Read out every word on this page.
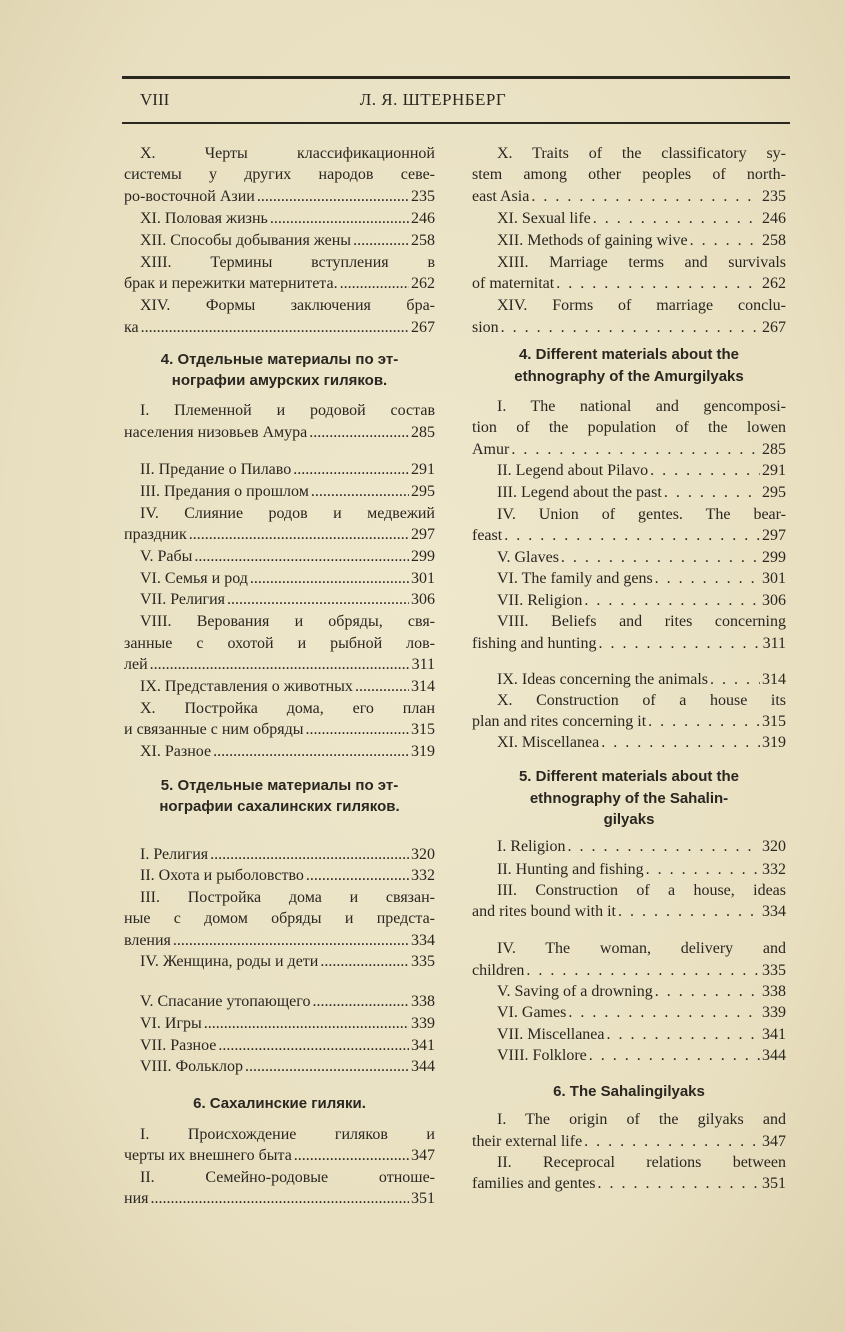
VIII	Л. Я. ШТЕРНБЕРГ
X. Черты классификационной
системы у других народов севе-
ро-восточной Азии .....	235
XI. Половая жизнь .....	246
XII. Способы добывания жены .....	258
XIII. Термины вступления в
брак и пережитки матернитета. .....	262
XIV. Формы заключения бра-
ка .....	267
4. Отдельные материалы по эт-
нографии амурских гиляков.
I. Племенной и родовой состав
населения низовьев Амура .....	285
II. Предание о Пилаво .....	291
III. Предания о прошлом .....	295
IV. Слияние родов и медвежий
праздник .....	297
V. Рабы .....	299
VI. Семья и род .....	301
VII. Религия .....	306
VIII. Верования и обряды, свя-
занные с охотой и рыбной лов-
лей .....	311
IX. Представления о животных .....	314
X. Постройка дома, его план
и связанные с ним обряды .....	315
XI. Разное .....	319
5. Отдельные материалы по эт-
нографии сахалинских гиляков.
I. Религия .....	320
II. Охота и рыболовство .....	332
III. Постройка дома и связан-
ные с домом обряды и предста-
вления .....	334
IV. Женщина, роды и дети .....	335
V. Спасание утопающего .....	338
VI. Игры .....	339
VII. Разное .....	341
VIII. Фольклор .....	344
6. Сахалинские гиляки.
I. Происхождение гиляков и
черты их внешнего быта .....	347
II. Семейно-родовые отноше-
ния .....	351
X. Traits of the classificatory sy-
stem among other peoples of north-
east Asia . . .	235
XI. Sexual life . . .	246
XII. Methods of gaining wive . . .	258
XIII. Marriage terms and survivals
of maternitat . . .	262
XIV. Forms of marriage conclu-
sion . . .	267
4. Different materials about the
ethnography of the Amurgilyaks
I. The national and gencomposi-
tion of the population of the lowen
Amur . . .	285
II. Legend about Pilavo . . .	291
III. Legend about the past . . .	295
IV. Union of gentes. The bear-
feast . . .	297
V. Glaves . . .	299
VI. The family and gens . . .	301
VII. Religion . . .	306
VIII. Beliefs and rites concerning
fishing and hunting . . .	311
IX. Ideas concerning the animals . . .	314
X. Construction of a house its
plan and rites concerning it . . .	315
XI. Miscellanea . . .	319
5. Different materials about the
ethnography of the Sahalin-
gilyaks
I. Religion . . .	320
II. Hunting and fishing . . .	332
III. Construction of a house, ideas
and rites bound with it . . .	334
IV. The woman, delivery and
children . . .	335
V. Saving of a drowning . . .	338
VI. Games . . .	339
VII. Miscellanea . . .	341
VIII. Folklore . . .	344
6. The Sahalingilyaks
I. The origin of the gilyaks and
their external life . . .	347
II. Receprocal relations between
families and gentes . . .	351
